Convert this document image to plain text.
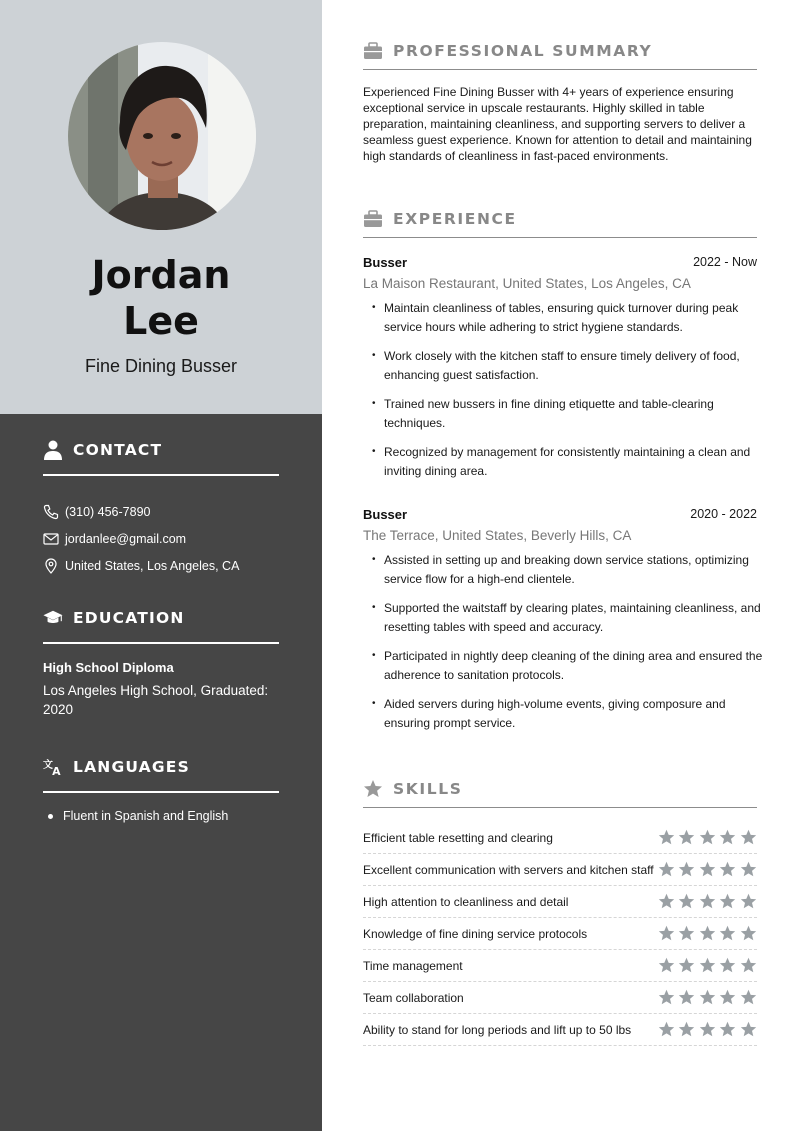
Jordan
Lee
Fine Dining Busser
CONTACT
(310) 456-7890
jordanlee@gmail.com
United States, Los Angeles, CA
EDUCATION
High School Diploma
Los Angeles High School, Graduated: 2020
文 A LANGUAGES
Fluent in Spanish and English
PROFESSIONAL SUMMARY

Experienced Fine Dining Busser with 4+ years of experience ensuring exceptional service in upscale restaurants. Highly skilled in table preparation, maintaining cleanliness, and supporting servers to deliver a seamless guest experience. Known for attention to detail and maintaining high standards of cleanliness in fast-paced environments.

EXPERIENCE
Busser	2022 - Now
La Maison Restaurant, United States, Los Angeles, CA
• Maintain cleanliness of tables, ensuring quick turnover during peak service hours while adhering to strict hygiene standards.
• Work closely with the kitchen staff to ensure timely delivery of food, enhancing guest satisfaction.
• Trained new bussers in fine dining etiquette and table-clearing techniques.
• Recognized by management for consistently maintaining a clean and inviting dining area.
Busser	2020 - 2022
The Terrace, United States, Beverly Hills, CA
• Assisted in setting up and breaking down service stations, optimizing service flow for a high-end clientele.
• Supported the waitstaff by clearing plates, maintaining cleanliness, and resetting tables with speed and accuracy.
• Participated in nightly deep cleaning of the dining area and ensured the adherence to sanitation protocols.
• Aided servers during high-volume events, giving composure and ensuring prompt service.
SKILLS
Efficient table resetting and clearing
Excellent communication with servers and kitchen staff
High attention to cleanliness and detail
Knowledge of fine dining service protocols
Time management
Team collaboration
Ability to stand for long periods and lift up to 50 lbs
